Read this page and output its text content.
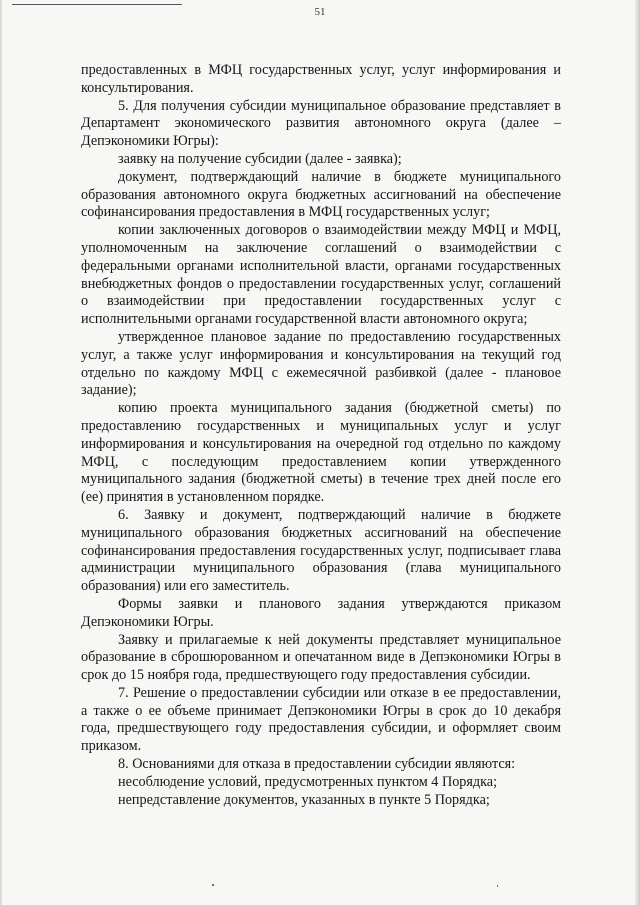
51

предоставленных в МФЦ государственных услуг, услуг информирования и консультирования.

5. Для получения субсидии муниципальное образование представляет в Департамент экономического развития автономного округа (далее – Депэкономики Югры):

заявку на получение субсидии (далее - заявка);

документ, подтверждающий наличие в бюджете муниципального образования автономного округа бюджетных ассигнований на обеспечение софинансирования предоставления в МФЦ государственных услуг;

копии заключенных договоров о взаимодействии между МФЦ и МФЦ, уполномоченным на заключение соглашений о взаимодействии с федеральными органами исполнительной власти, органами государственных внебюджетных фондов о предоставлении государственных услуг, соглашений о взаимодействии при предоставлении государственных услуг с исполнительными органами государственной власти автономного округа;

утвержденное плановое задание по предоставлению государственных услуг, а также услуг информирования и консультирования на текущий год отдельно по каждому МФЦ с ежемесячной разбивкой (далее - плановое задание);

копию проекта муниципального задания (бюджетной сметы) по предоставлению государственных и муниципальных услуг и услуг информирования и консультирования на очередной год отдельно по каждому МФЦ, с последующим предоставлением копии утвержденного муниципального задания (бюджетной сметы) в течение трех дней после его (ее) принятия в установленном порядке.

6. Заявку и документ, подтверждающий наличие в бюджете муниципального образования бюджетных ассигнований на обеспечение софинансирования предоставления государственных услуг, подписывает глава администрации муниципального образования (глава муниципального образования) или его заместитель.

Формы заявки и планового задания утверждаются приказом Депэкономики Югры.

Заявку и прилагаемые к ней документы представляет муниципальное образование в сброшюрованном и опечатанном виде в Депэкономики Югры в срок до 15 ноября года, предшествующего году предоставления субсидии.

7. Решение о предоставлении субсидии или отказе в ее предоставлении, а также о ее объеме принимает Депэкономики Югры в срок до 10 декабря года, предшествующего году предоставления субсидии, и оформляет своим приказом.

8. Основаниями для отказа в предоставлении субсидии являются:

несоблюдение условий, предусмотренных пунктом 4 Порядка;

непредставление документов, указанных в пункте 5 Порядка;
